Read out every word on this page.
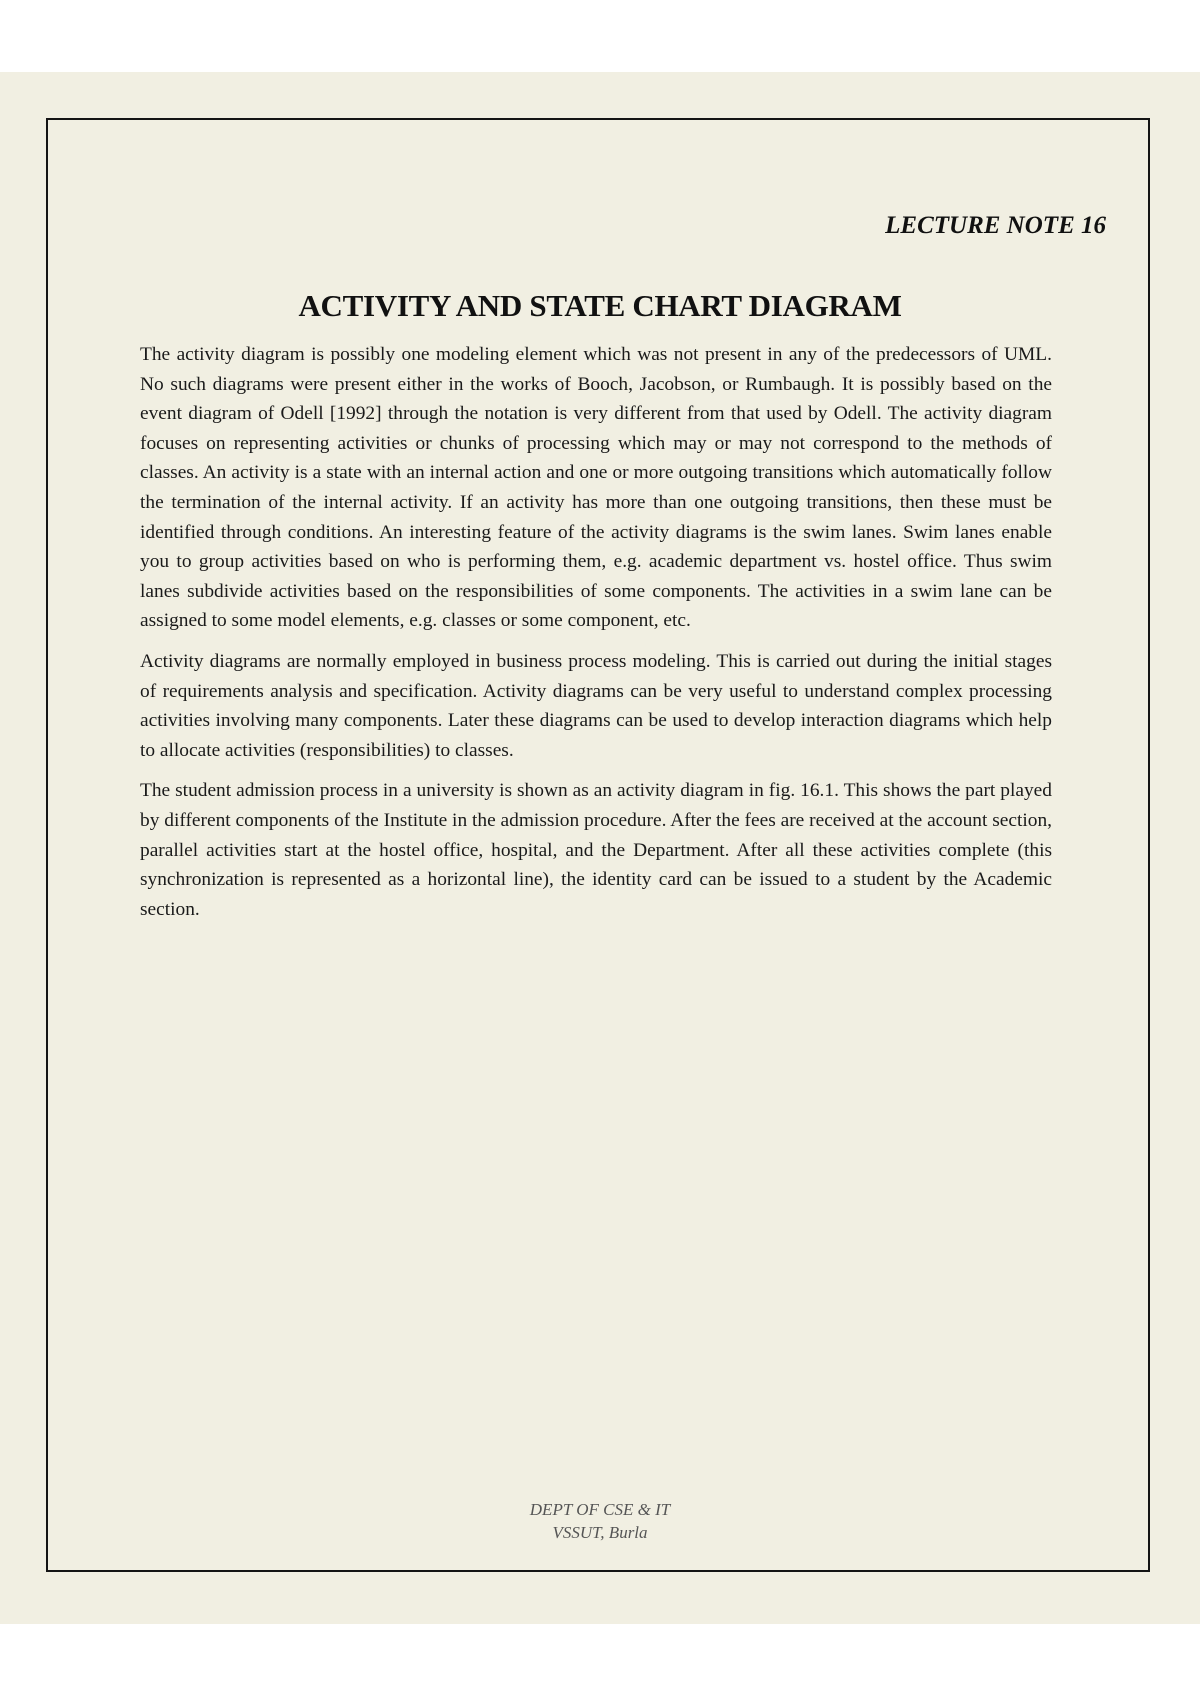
LECTURE NOTE 16
ACTIVITY AND STATE CHART DIAGRAM

The activity diagram is possibly one modeling element which was not present in any of the predecessors of UML. No such diagrams were present either in the works of Booch, Jacobson, or Rumbaugh. It is possibly based on the event diagram of Odell [1992] through the notation is very different from that used by Odell. The activity diagram focuses on representing activities or chunks of processing which may or may not correspond to the methods of classes. An activity is a state with an internal action and one or more outgoing transitions which automatically follow the termination of the internal activity. If an activity has more than one outgoing transitions, then these must be identified through conditions. An interesting feature of the activity diagrams is the swim lanes. Swim lanes enable you to group activities based on who is performing them, e.g. academic department vs. hostel office. Thus swim lanes subdivide activities based on the responsibilities of some components. The activities in a swim lane can be assigned to some model elements, e.g. classes or some component, etc.

Activity diagrams are normally employed in business process modeling. This is carried out during the initial stages of requirements analysis and specification. Activity diagrams can be very useful to understand complex processing activities involving many components. Later these diagrams can be used to develop interaction diagrams which help to allocate activities (responsibilities) to classes.

The student admission process in a university is shown as an activity diagram in fig. 16.1. This shows the part played by different components of the Institute in the admission procedure. After the fees are received at the account section, parallel activities start at the hostel office, hospital, and the Department. After all these activities complete (this synchronization is represented as a horizontal line), the identity card can be issued to a student by the Academic section.

DEPT OF CSE & IT
VSSUT, Burla
